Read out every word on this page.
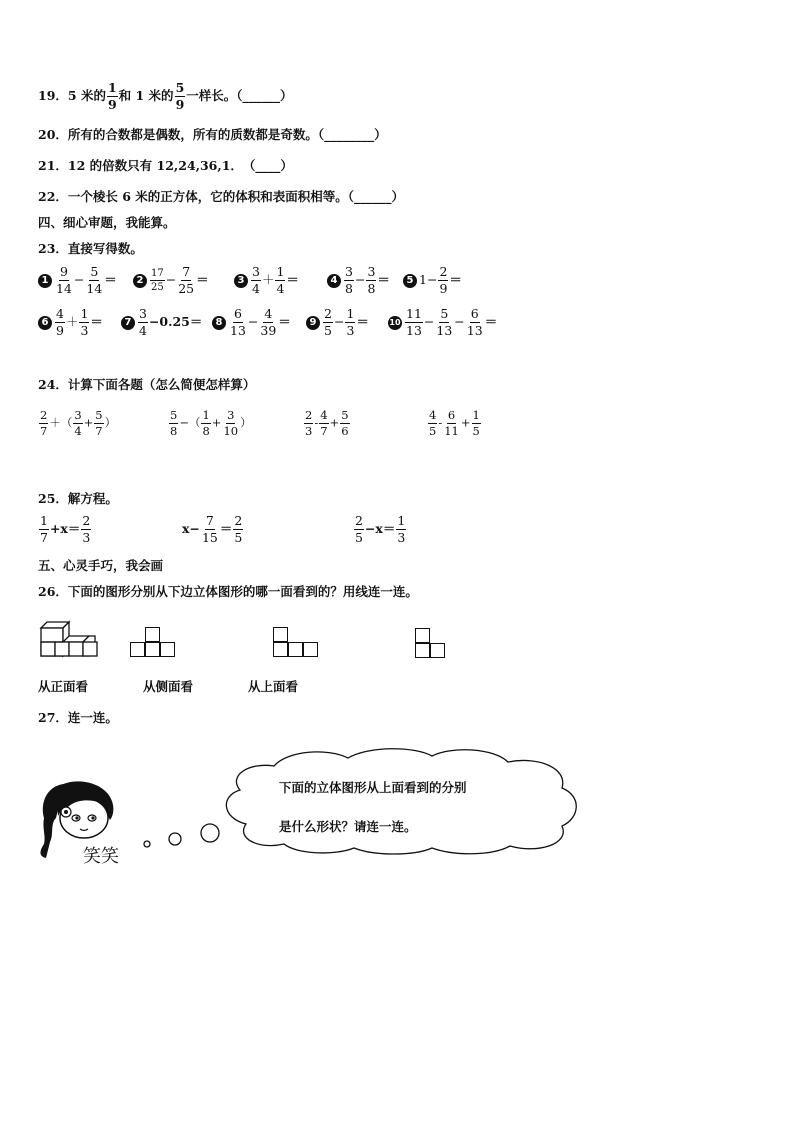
19．5 米的 $\frac{1}{9}$ 和 1 米的 $\frac{5}{9}$ 一样长。（______）
20．所有的合数都是偶数，所有的质数都是奇数。（________）
21．12 的倍数只有 12,24,36,1．　（____）
22．一个棱长 6 米的正方体，它的体积和表面积相等。（______）
四、细心审题，我能算。
23．直接写得数。
$1 \frac{9}{14} - \frac{5}{14}$ ＝	$2 \frac{17}{25} - \frac{7}{25}$ ＝	$3 \frac{3}{4} + \frac{1}{4}$ ＝	$4 \frac{3}{8} - \frac{3}{8}$ ＝	5 $1- \frac{2}{9}$ ＝
$6 \frac{4}{9} + \frac{1}{3}$ ＝	$7 \frac{3}{4} -0.25=$	$8 \frac{6}{13} - \frac{4}{39}$ ＝	$9 \frac{2}{5} - \frac{1}{3}$ ＝	$10 \frac{11}{13} - \frac{5}{13} - \frac{6}{13}$ ＝
24．计算下面各题（怎么简便怎样算）
$\frac{2}{7}$ ＋（ $\frac{3}{4} + \frac{5}{7}$ ）	$\frac{5}{8}$ −（ $\frac{1}{8} + \frac{3}{10}$ ）	$\frac{2}{3} - \frac{4}{7} + \frac{5}{6}$	$\frac{4}{5} - \frac{6}{11} + \frac{1}{5}$
25．解方程。
$\frac{1}{7} +x= \frac{2}{3}$	$x- \frac{7}{15} = \frac{2}{5}$	$\frac{2}{5} -x= \frac{1}{3}$
五、心灵手巧，我会画
26．下面的图形分别从下边立体图形的哪一面看到的？用线连一连。
从正面看	从侧面看	从上面看
27．连一连。
笑笑
下面的立体图形从上面看到的分别
是什么形状？请连一连。
